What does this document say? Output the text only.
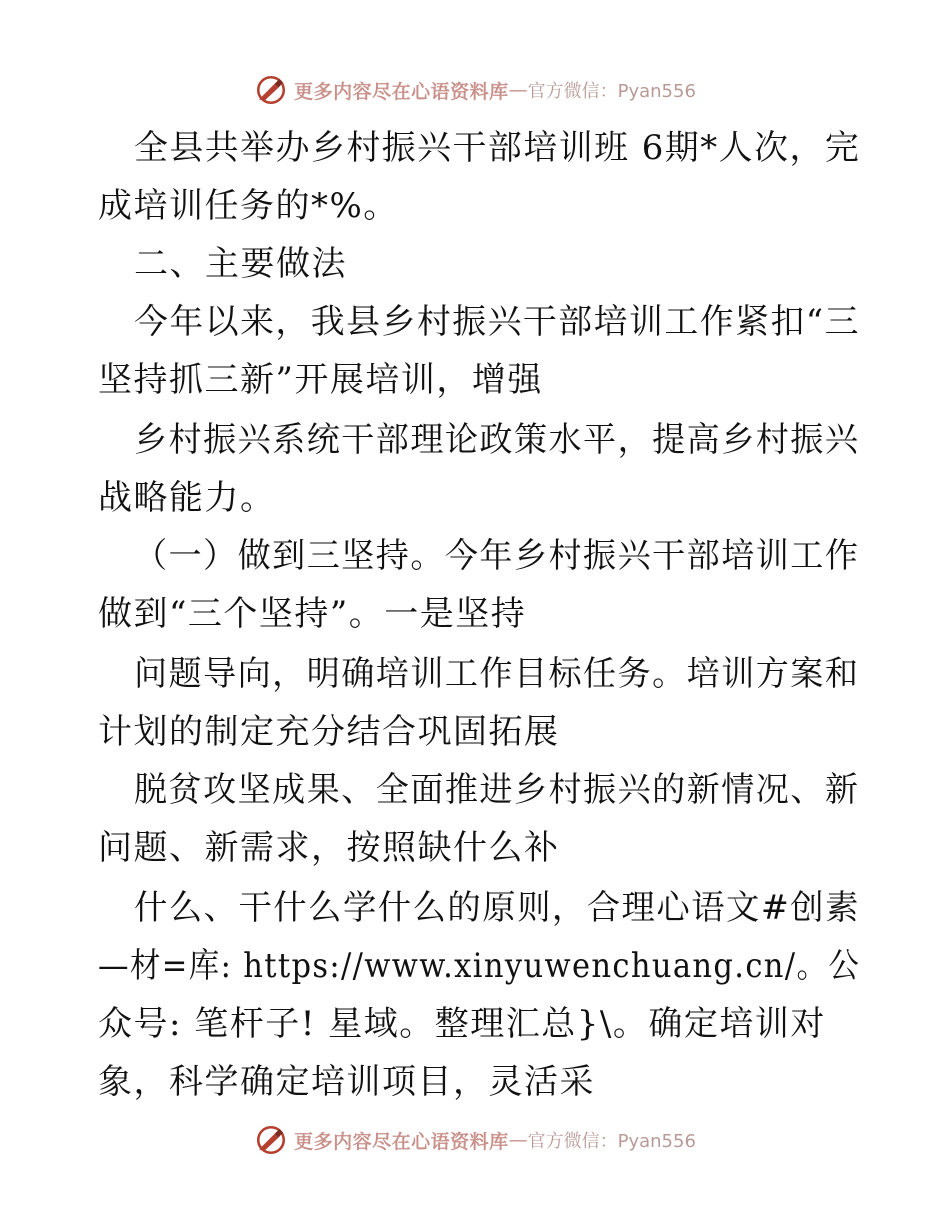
更多内容尽在心语资料库 — 官方微信：Pyan556
全县共举办乡村振兴干部培训班 6期*人次，完
成培训任务的*%。
二、主要做法
今年以来，我县乡村振兴干部培训工作紧扣“三
坚持抓三新”开展培训，增强
乡村振兴系统干部理论政策水平，提高乡村振兴
战略能力。
（一）做到三坚持。今年乡村振兴干部培训工作
做到“三个坚持”。一是坚持
问题导向，明确培训工作目标任务。培训方案和
计划的制定充分结合巩固拓展
脱贫攻坚成果、全面推进乡村振兴的新情况、新
问题、新需求，按照缺什么补
什么、干什么学什么的原则，合理心语文#创素
—材=库: https://www.xinyuwenchuang.cn/。公
众号: 笔杆子! 星域。整理汇总}\。确定培训对
象，科学确定培训项目，灵活采
更多内容尽在心语资料库 — 官方微信：Pyan556
